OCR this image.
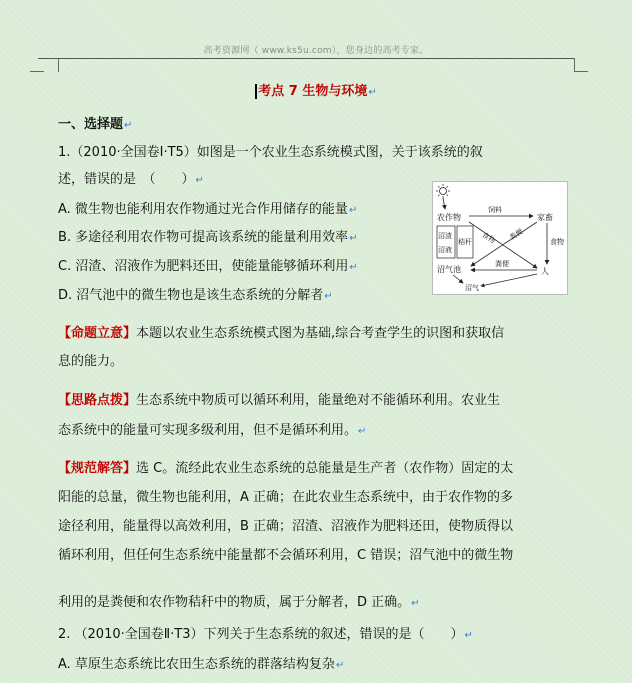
高考资源网（ www.ks5u.com），您身边的高考专家。
考点 7 生物与环境↵
一、选择题↵
1.（2010·全国卷Ⅰ·T5）如图是一个农业生态系统模式图，关于该系统的叙
述，错误的是　（　　）↵
A. 微生物也能利用农作物通过光合作用储存的能量↵
B. 多途径利用农作物可提高该系统的能量利用效率↵
C. 沼渣、沼液作为肥料还田，使能量能够循环利用↵
D. 沼气池中的微生物也是该生态系统的分解者↵
农作物
饲料
家畜
沼渣
沼液
秸秆
沼气池
食物 粪便
食物
人
粪便
沼气
【命题立意】本题以农业生态系统模式图为基础,综合考查学生的识图和获取信
息的能力。
【思路点拨】生态系统中物质可以循环利用，能量绝对不能循环利用。农业生
态系统中的能量可实现多级利用，但不是循环利用。↵
【规范解答】选 C。流经此农业生态系统的总能量是生产者（农作物）固定的太
阳能的总量，微生物也能利用，A 正确；在此农业生态系统中，由于农作物的多
途径利用，能量得以高效利用，B 正确；沼渣、沼液作为肥料还田，使物质得以
循环利用，但任何生态系统中能量都不会循环利用，C 错误；沼气池中的微生物
利用的是粪便和农作物秸秆中的物质，属于分解者，D 正确。↵
2. （2010·全国卷Ⅱ·T3）下列关于生态系统的叙述，错误的是（　　）↵
A. 草原生态系统比农田生态系统的群落结构复杂↵
